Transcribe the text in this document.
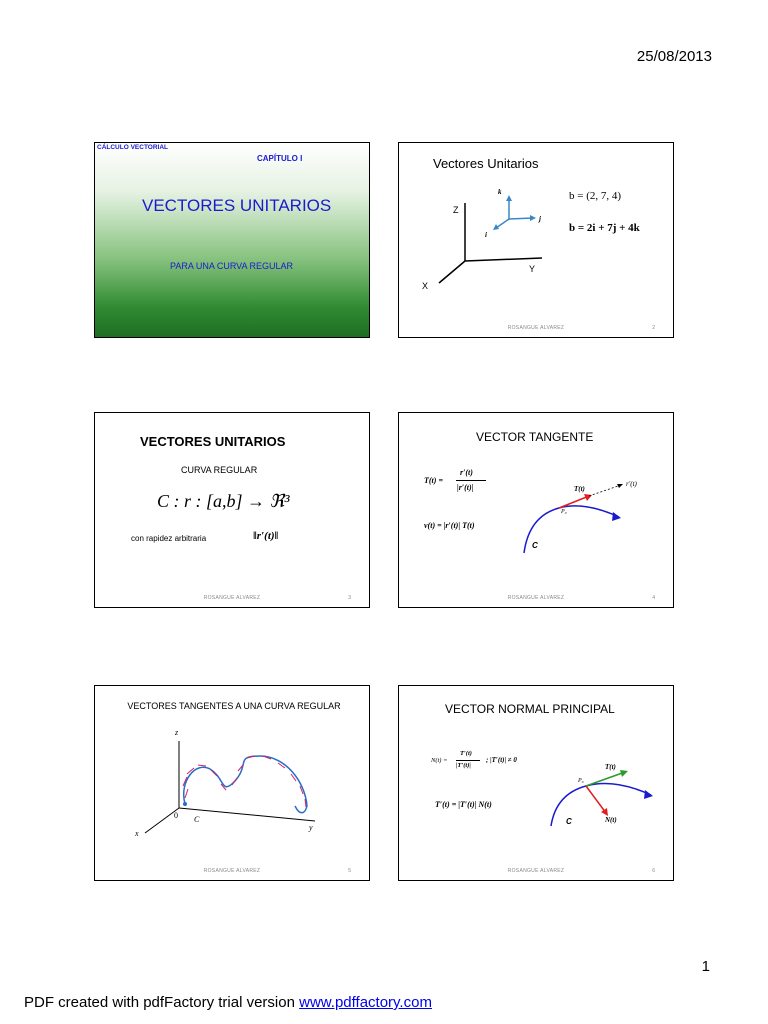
25/08/2013
CÁLCULO VECTORIAL
CAPÍTULO I
VECTORES UNITARIOS
PARA UNA CURVA REGULAR
Vectores Unitarios
Z
Y
X
k
j
i
b = (2, 7, 4)
b = 2i + 7j + 4k
ROSANGUE ALVAREZ	2
VECTORES UNITARIOS
CURVA REGULAR
C : r : [a,b] → ℜ³
con rapidez arbitraria	‖r′(t)‖
ROSANGUE ALVAREZ	3
VECTOR TANGENTE
T(t) =
r′(t)
|r′(t)|
v(t) = |r′(t)| T(t)
T(t)
r′(t)
P₀
C
ROSANGUE ALVAREZ	4
VECTORES TANGENTES A UNA CURVA REGULAR
z
x
y
0 C
ROSANGUE ALVAREZ	5
VECTOR NORMAL PRINCIPAL
N(t) =
T′(t)
|T′(t)|
; |T′(t)| ≠ 0
T′(t) = |T′(t)| N(t)
T(t)
N(t)
P₀
C
ROSANGUE ALVAREZ	6
1
PDF created with pdfFactory trial version www.pdffactory.com
